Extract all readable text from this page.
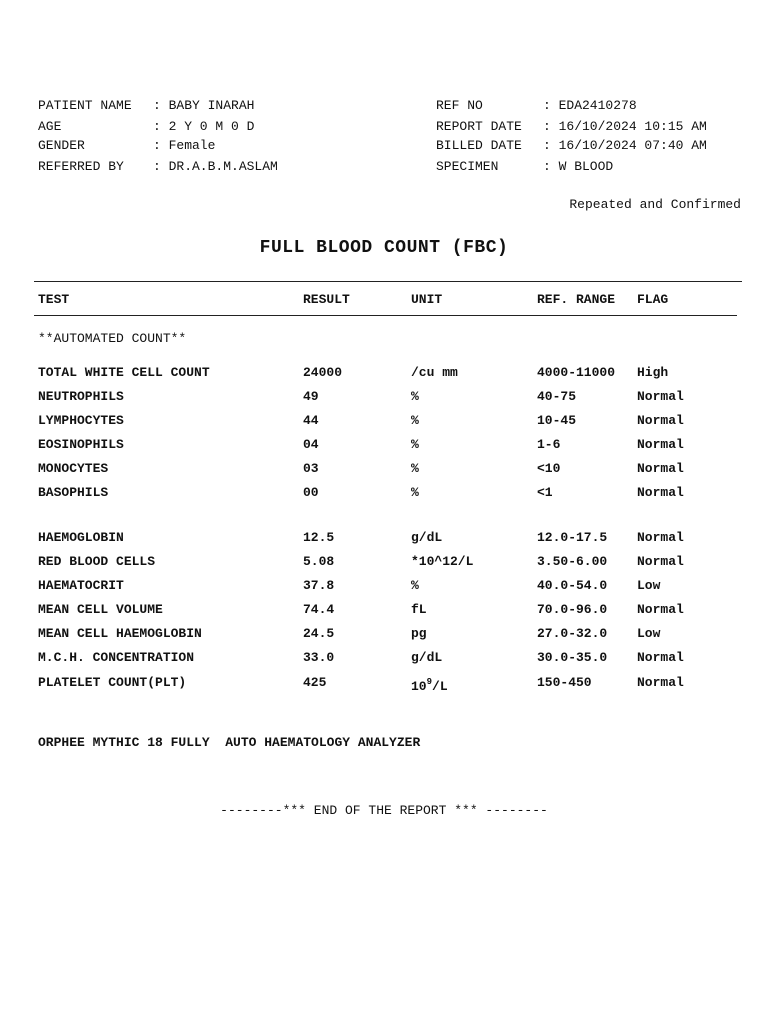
PATIENT NAME : BABY INARAH
AGE	: 2 Y 0 M 0 D
GENDER	: Female
REFERRED BY : DR.A.B.M.ASLAM
REF NO	: EDA2410278
REPORT DATE : 16/10/2024 10:15 AM
BILLED DATE : 16/10/2024 07:40 AM
SPECIMEN	: W BLOOD
Repeated and Confirmed
FULL BLOOD COUNT (FBC)
TEST	RESULT	UNIT	REF. RANGE FLAG
**AUTOMATED COUNT**
TOTAL WHITE CELL COUNT	24000	/cu mm	4000-11000 High
NEUTROPHILS	49	%	40-75	Normal
LYMPHOCYTES	44	%	10-45	Normal
EOSINOPHILS	04	%	1-6	Normal
MONOCYTES	03	%	<10	Normal
BASOPHILS	00	%	<1	Normal
HAEMOGLOBIN	12.5	g/dL	12.0-17.5 Normal
RED BLOOD CELLS	5.08	*10^12/L	3.50-6.00 Normal
HAEMATOCRIT	37.8	%	40.0-54.0 Low
MEAN CELL VOLUME	74.4	fL	70.0-96.0 Normal
MEAN CELL HAEMOGLOBIN	24.5	pg	27.0-32.0 Low
M.C.H. CONCENTRATION	33.0	g/dL	30.0-35.0 Normal
PLATELET COUNT(PLT)	425	$10^9/L$	150-450	Normal
ORPHEE MYTHIC 18 FULLY  AUTO HAEMATOLOGY ANALYZER
--------*** END OF THE REPORT *** --------
